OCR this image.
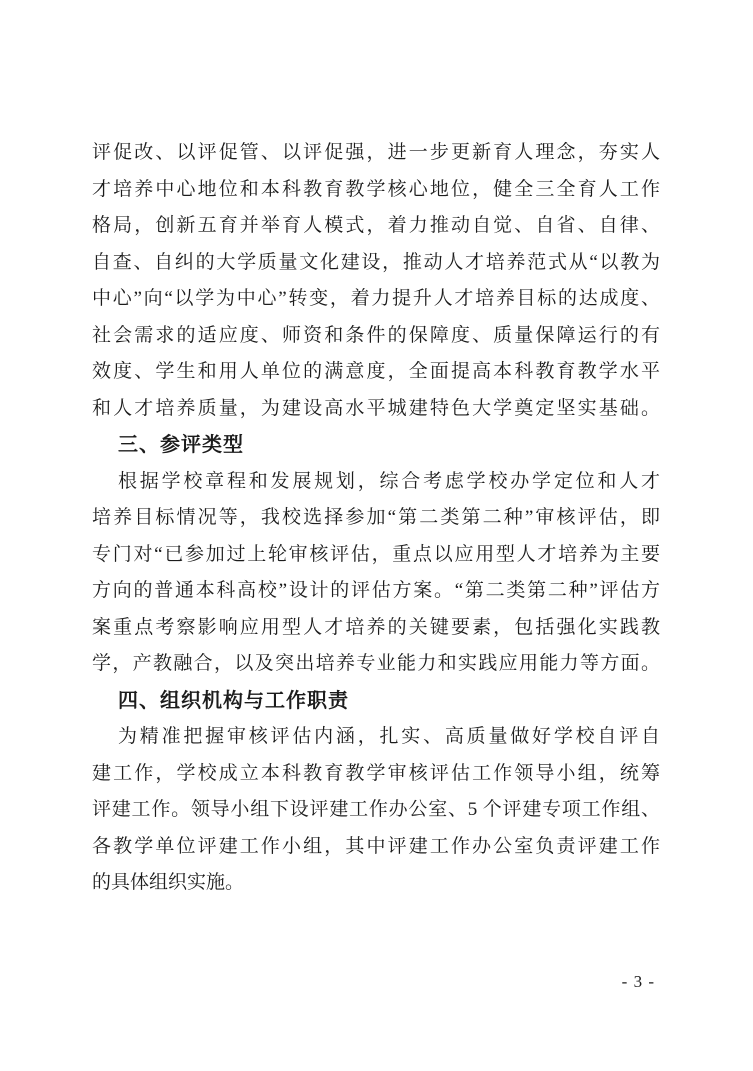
评促改、以评促管、以评促强，进一步更新育人理念，夯实人
才培养中心地位和本科教育教学核心地位，健全三全育人工作
格局，创新五育并举育人模式，着力推动自觉、自省、自律、
自查、自纠的大学质量文化建设，推动人才培养范式从“以教为
中心”向“以学为中心”转变，着力提升人才培养目标的达成度、
社会需求的适应度、师资和条件的保障度、质量保障运行的有
效度、学生和用人单位的满意度，全面提高本科教育教学水平
和人才培养质量，为建设高水平城建特色大学奠定坚实基础。
三、参评类型
根据学校章程和发展规划，综合考虑学校办学定位和人才
培养目标情况等，我校选择参加“第二类第二种”审核评估，即
专门对“已参加过上轮审核评估，重点以应用型人才培养为主要
方向的普通本科高校”设计的评估方案。“第二类第二种”评估方
案重点考察影响应用型人才培养的关键要素，包括强化实践教
学，产教融合，以及突出培养专业能力和实践应用能力等方面。
四、组织机构与工作职责
为精准把握审核评估内涵，扎实、高质量做好学校自评自
建工作，学校成立本科教育教学审核评估工作领导小组，统筹
评建工作。领导小组下设评建工作办公室、5 个评建专项工作组、
各教学单位评建工作小组，其中评建工作办公室负责评建工作
的具体组织实施。
- 3 -
